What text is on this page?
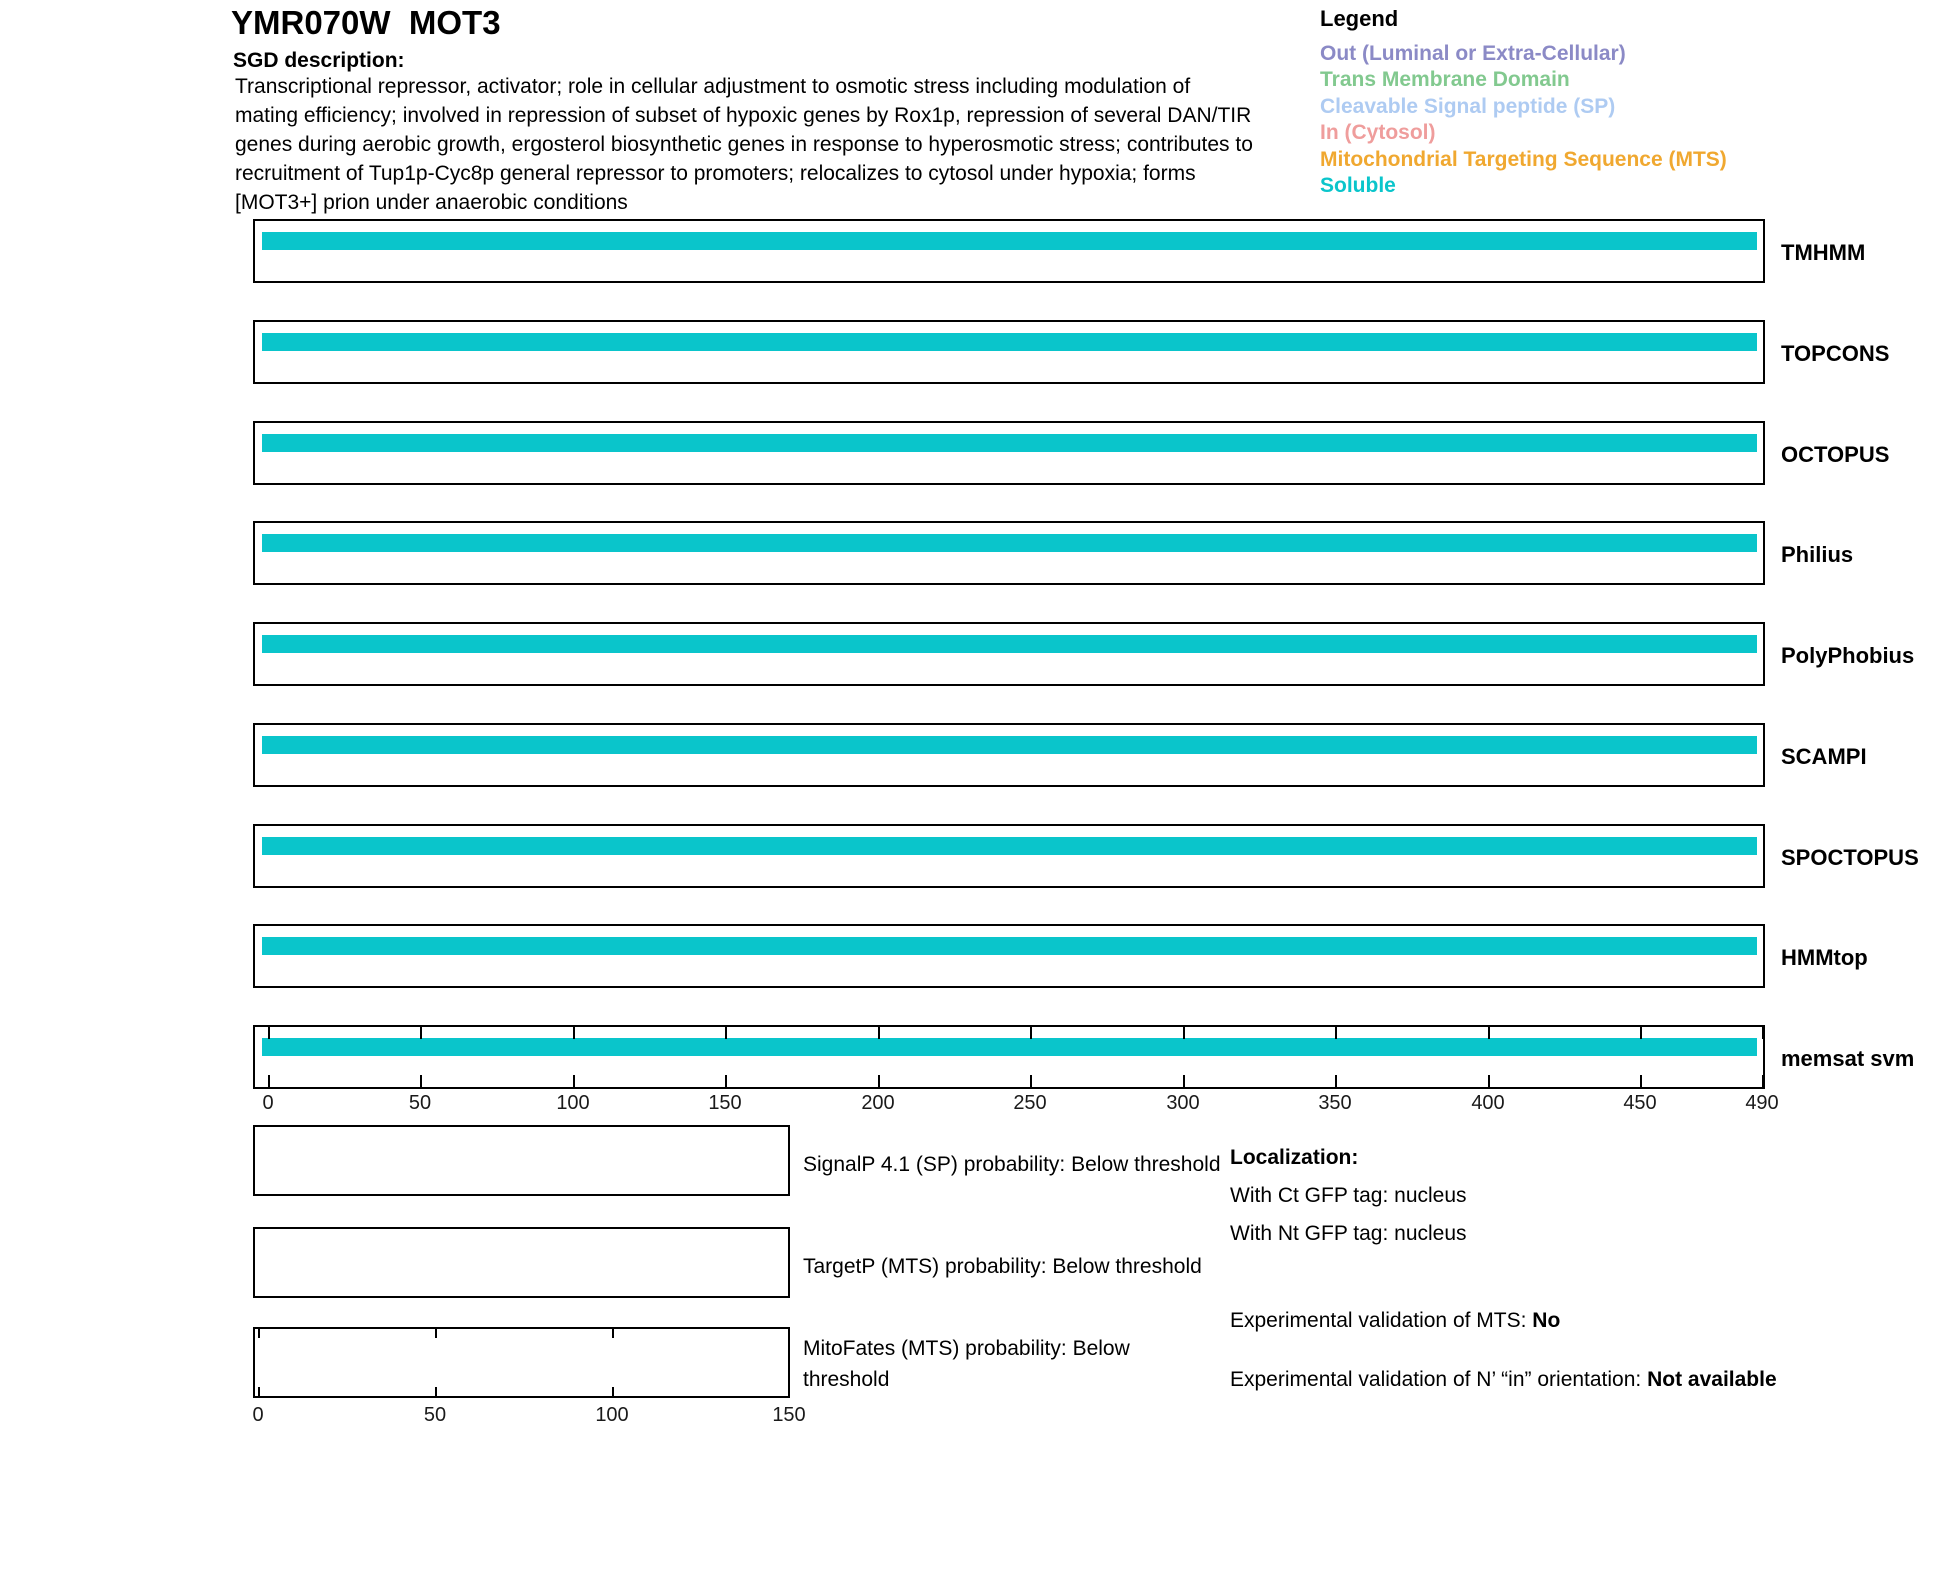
YMR070W  MOT3
SGD description:
Transcriptional repressor, activator; role in cellular adjustment to osmotic stress including modulation of
mating efficiency; involved in repression of subset of hypoxic genes by Rox1p, repression of several DAN/TIR
genes during aerobic growth, ergosterol biosynthetic genes in response to hyperosmotic stress; contributes to
recruitment of Tup1p-Cyc8p general repressor to promoters; relocalizes to cytosol under hypoxia; forms
[MOT3+] prion under anaerobic conditions
Legend
Out (Luminal or Extra-Cellular)
Trans Membrane Domain
Cleavable Signal peptide (SP)
In (Cytosol)
Mitochondrial Targeting Sequence (MTS)
Soluble
TMHMM
TOPCONS
OCTOPUS
Philius
PolyPhobius
SCAMPI
SPOCTOPUS
HMMtop
memsat svm
0	50	100	150	200	250	300	350	400	450	490
SignalP 4.1 (SP) probability: Below threshold
TargetP (MTS) probability: Below threshold
MitoFates (MTS) probability: Below threshold
0	50	100	150
Localization:
With Ct GFP tag: nucleus
With Nt GFP tag: nucleus
Experimental validation of MTS: No
Experimental validation of N’ “in” orientation: Not available
